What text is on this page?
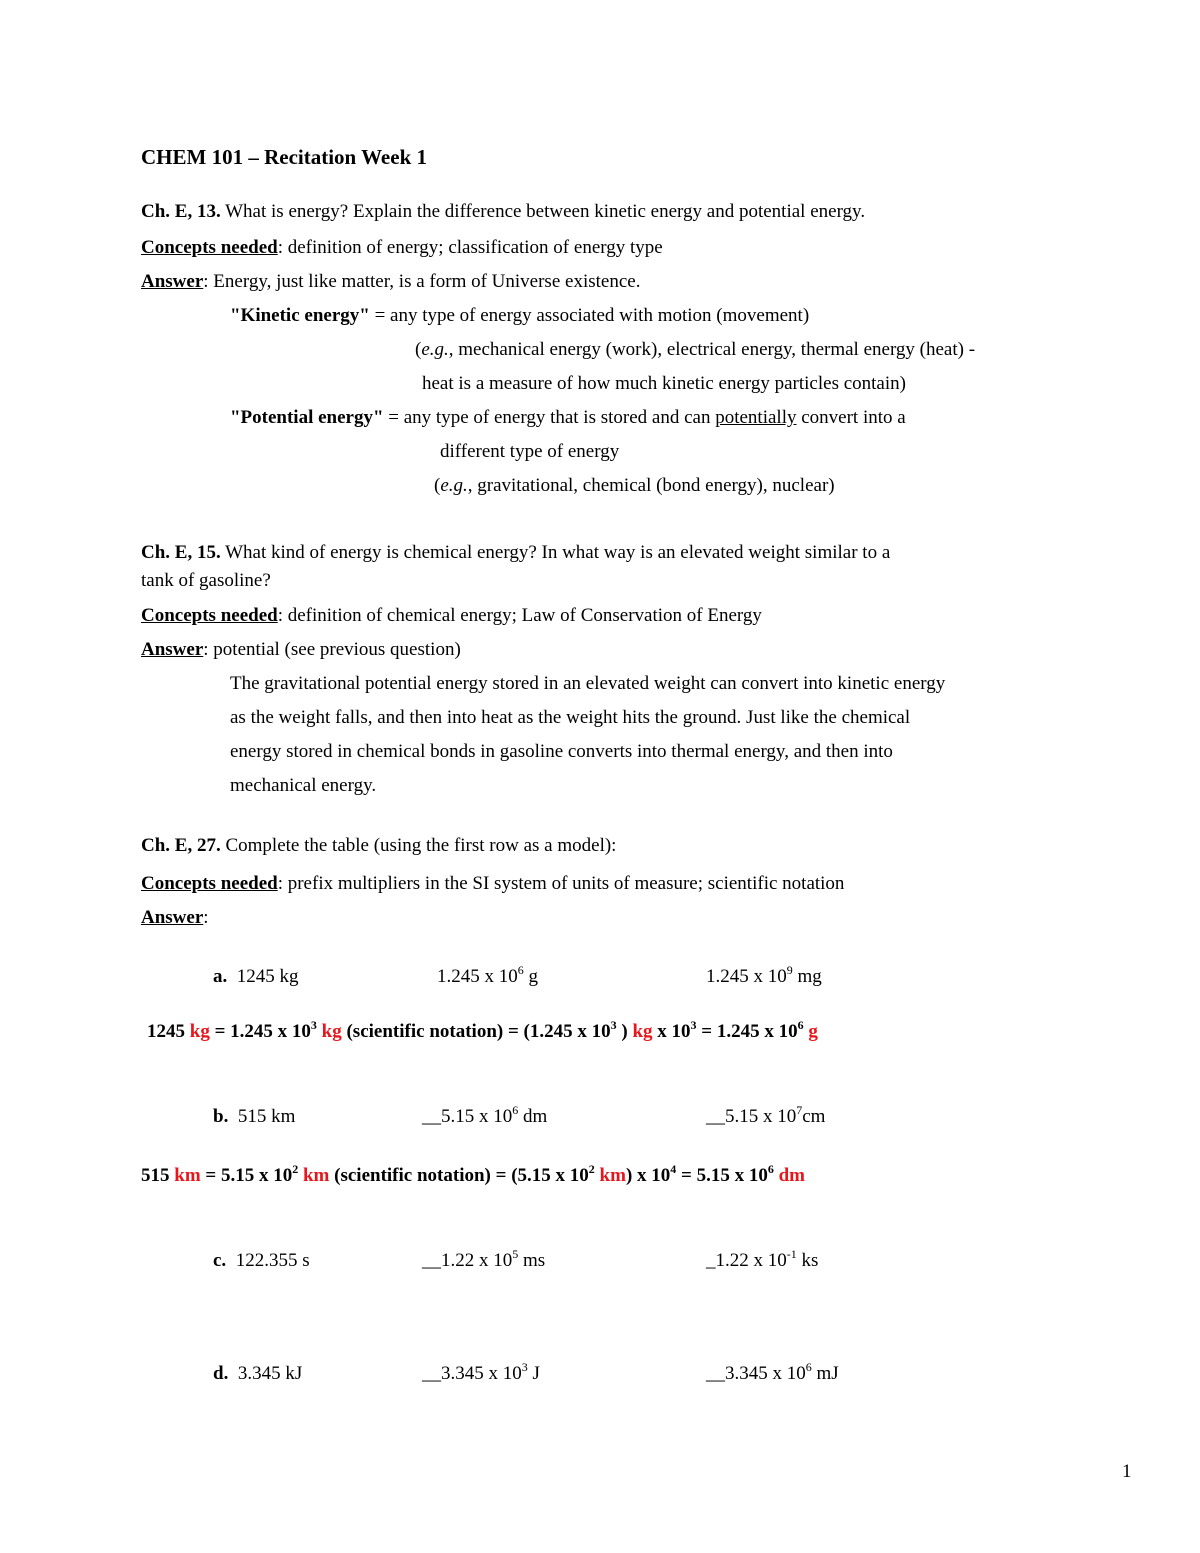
CHEM 101 – Recitation Week 1
Ch. E, 13. What is energy? Explain the difference between kinetic energy and potential energy.
Concepts needed: definition of energy; classification of energy type
Answer: Energy, just like matter, is a form of Universe existence.
"Kinetic energy" = any type of energy associated with motion (movement)
(e.g., mechanical energy (work), electrical energy, thermal energy (heat) -
heat is a measure of how much kinetic energy particles contain)
"Potential energy" = any type of energy that is stored and can potentially convert into a
different type of energy
(e.g., gravitational, chemical (bond energy), nuclear)
Ch. E, 15. What kind of energy is chemical energy? In what way is an elevated weight similar to a
tank of gasoline?
Concepts needed: definition of chemical energy; Law of Conservation of Energy
Answer: potential (see previous question)
The gravitational potential energy stored in an elevated weight can convert into kinetic energy
as the weight falls, and then into heat as the weight hits the ground. Just like the chemical
energy stored in chemical bonds in gasoline converts into thermal energy, and then into
mechanical energy.
Ch. E, 27. Complete the table (using the first row as a model):
Concepts needed: prefix multipliers in the SI system of units of measure; scientific notation
Answer:
a. 1245 kg	1.245 x $10^6$ g	1.245 x $10^9$ mg
1245 kg = 1.245 x $10^3$ kg (scientific notation) = (1.245 x $10^3$ ) kg x $10^3 = 1.245$ x $10^6$ g
b. 515 km	__5.15 x $10^6$ dm	__5.15 x $10^7cm$
515 km = 5.15 x $10^2$ km (scientific notation) = (5.15 x $10^2$ km) x $10^4 = 5.15$ x $10^6$ dm
c. 122.355 s	__1.22 x $10^5$ ms	_1.22 x $10^{-1}$ ks
d. 3.345 kJ	__3.345 x $10^3$ J	__3.345 x $10^6$ mJ
1
